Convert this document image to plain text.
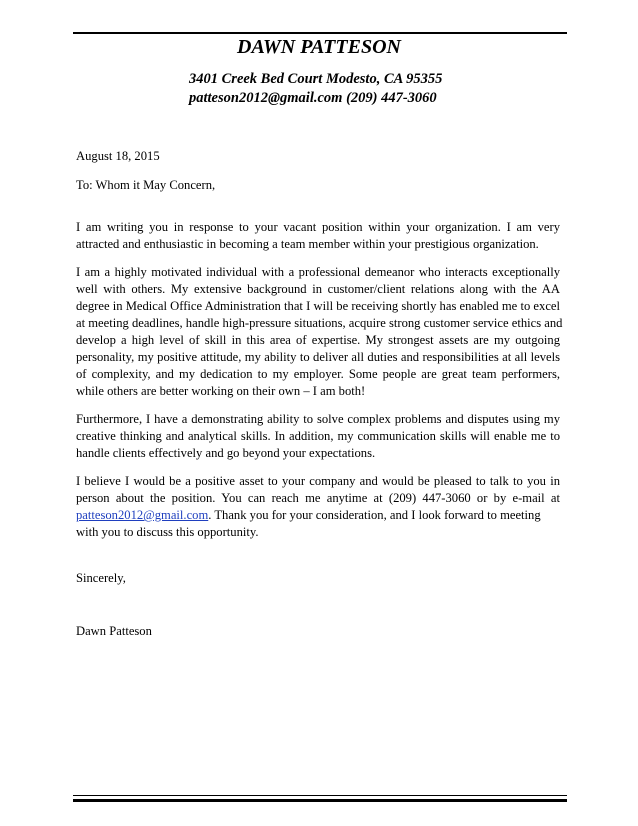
DAWN PATTESON
3401 Creek Bed Court Modesto, CA 95355
patteson2012@gmail.com (209) 447-3060
August 18, 2015
To: Whom it May Concern,
I am writing you in response to your vacant position within your organization. I am very
attracted and enthusiastic in becoming a team member within your prestigious organization.
I am a highly motivated individual with a professional demeanor who interacts exceptionally
well with others. My extensive background in customer/client relations along with the AA
degree in Medical Office Administration that I will be receiving shortly has enabled me to excel
at meeting deadlines, handle high-pressure situations, acquire strong customer service ethics and
develop a high level of skill in this area of expertise. My strongest assets are my outgoing
personality, my positive attitude, my ability to deliver all duties and responsibilities at all levels
of complexity, and my dedication to my employer. Some people are great team performers,
while others are better working on their own – I am both!
Furthermore, I have a demonstrating ability to solve complex problems and disputes using my
creative thinking and analytical skills. In addition, my communication skills will enable me to
handle clients effectively and go beyond your expectations.
I believe I would be a positive asset to your company and would be pleased to talk to you in
person about the position. You can reach me anytime at (209) 447-3060 or by e-mail at
patteson2012@gmail.com. Thank you for your consideration, and I look forward to meeting
with you to discuss this opportunity.
Sincerely,
Dawn Patteson
